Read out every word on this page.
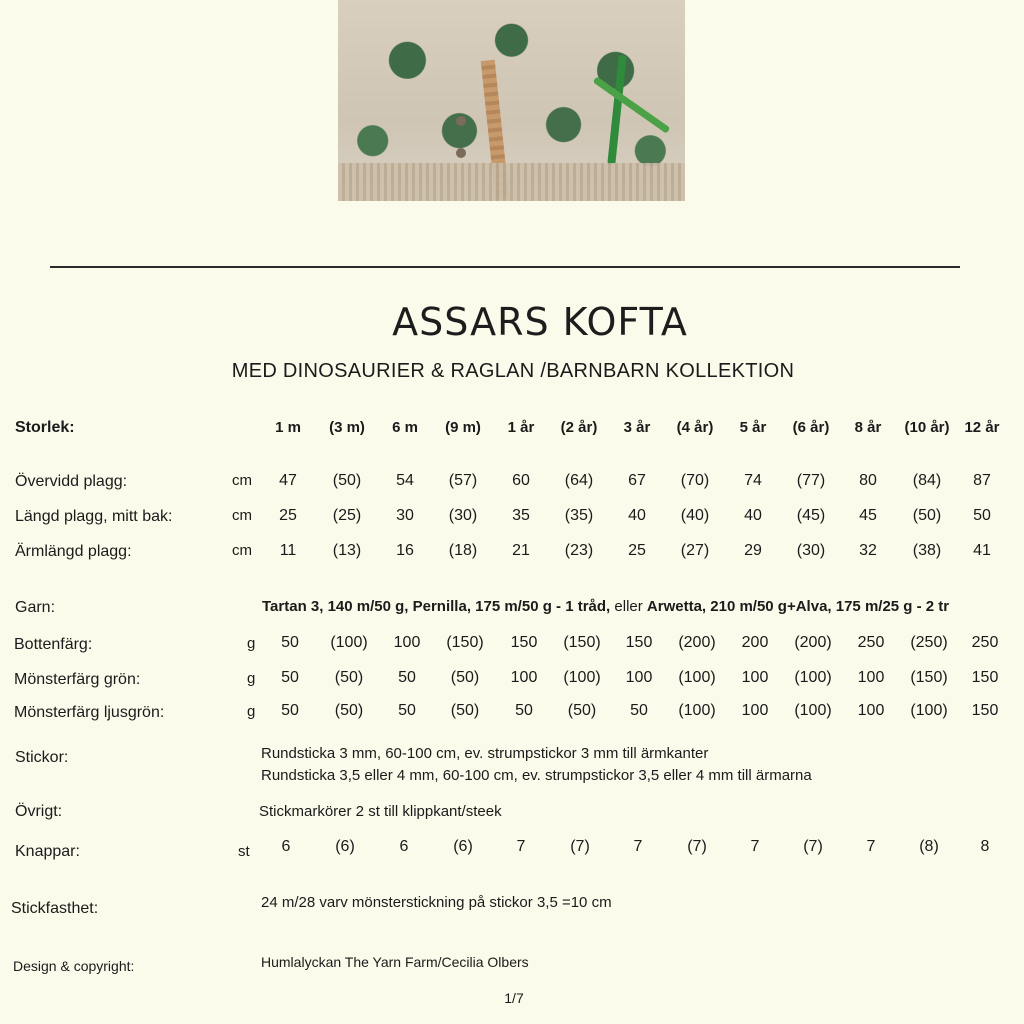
ASSARS KOFTA
MED DINOSAURIER & RAGLAN /BARNBARN KOLLEKTION
Storlek:	1 m	(3 m)	6 m	(9 m)	1 år	(2 år)	3 år	(4 år)	5 år	(6 år)	8 år	(10 år) 12 år
Övervidd plagg:	cm	47	(50)	54	(57)	60	(64)	67	(70)	74	(77)	80	(84)	87
Längd plagg, mitt bak:	cm	25	(25)	30	(30)	35	(35)	40	(40)	40	(45)	45	(50)	50
Ärmlängd plagg:	cm	11	(13)	16	(18)	21	(23)	25	(27)	29	(30)	32	(38)	41
Garn:	Tartan 3, 140 m/50 g, Pernilla, 175 m/50 g - 1 tråd, eller Arwetta, 210 m/50 g+Alva, 175 m/25 g - 2 tr
Bottenfärg:	g	50	(100)	100	(150)	150	(150)	150	(200)	200	(200)	250	(250)	250
Mönsterfärg grön:	g	50	(50)	50	(50)	100	(100)	100	(100)	100	(100)	100	(150)	150
Mönsterfärg ljusgrön:	g	50	(50)	50	(50)	50	(50)	50	(100)	100	(100)	100	(100)	150
Stickor:	Rundsticka 3 mm, 60-100 cm, ev. strumpstickor 3 mm till ärmkanter
Rundsticka 3,5 eller 4 mm, 60-100 cm, ev. strumpstickor 3,5 eller 4 mm till ärmarna
Övrigt:	Stickmarkörer 2 st till klippkant/steek
Knappar:	st	6	(6)	6	(6)	7	(7)	7	(7)	7	(7)	7	(8)	8
Stickfasthet:	24 m/28 varv mönsterstickning på stickor 3,5 =10 cm
Design & copyright:	Humlalyckan The Yarn Farm/Cecilia Olbers
1/7
